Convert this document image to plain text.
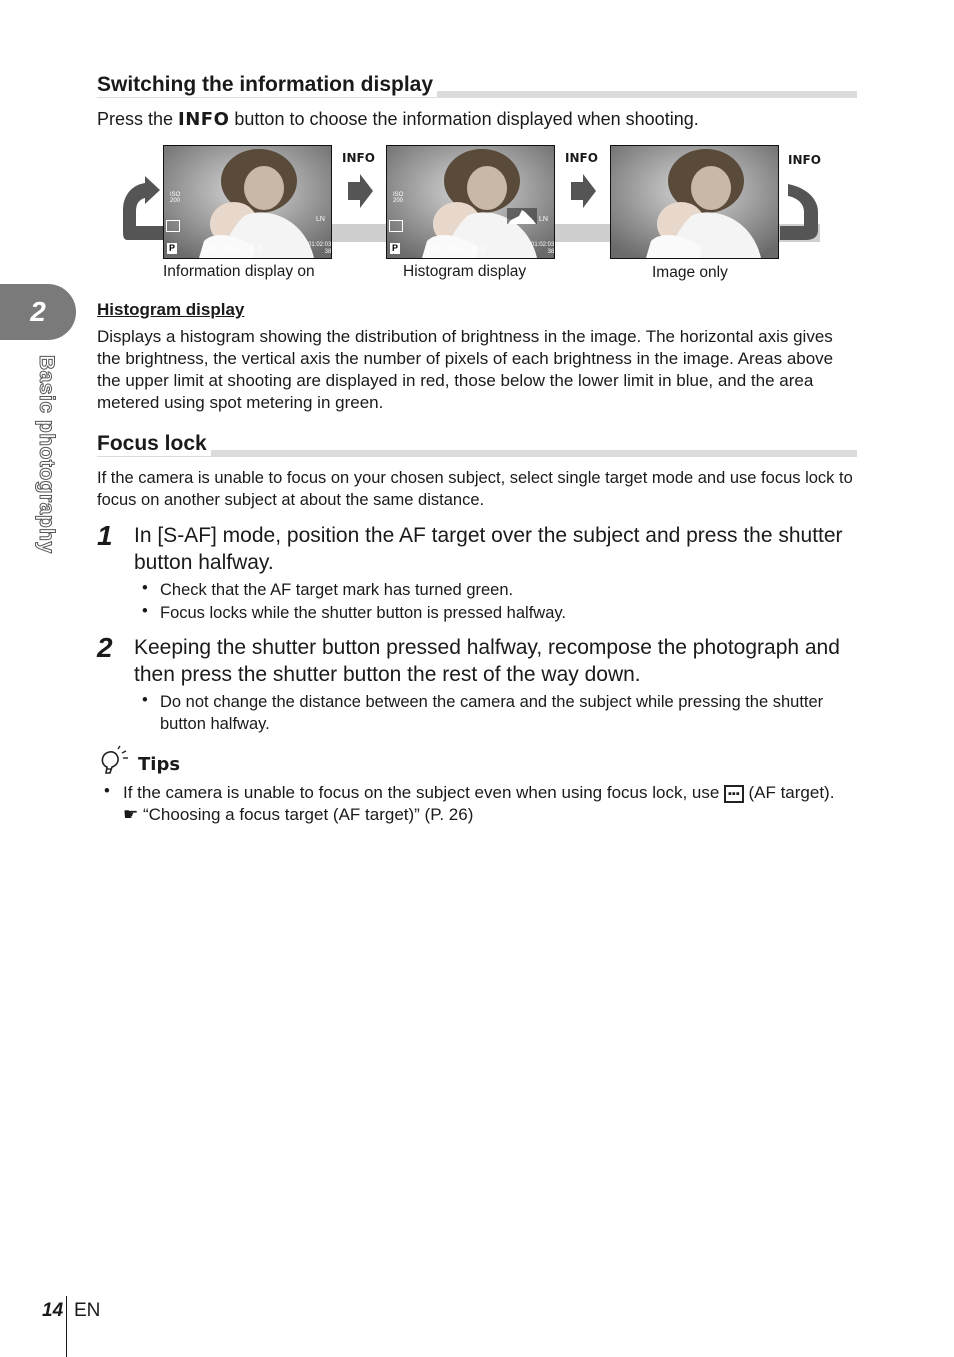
2
Basic photography
Switching the information display
Press the INFO button to choose the information displayed when shooting.
INFO	INFO	INFO
ISO
200
P	125 F5.6 0.0
LN
01:02:03
38
ISO
200
P	125 F5.6 0.0
LN
01:02:03
38
Information display on	Histogram display	Image only
Histogram display
Displays a histogram showing the distribution of brightness in the image. The horizontal axis gives the brightness, the vertical axis the number of pixels of each brightness in the image. Areas above the upper limit at shooting are displayed in red, those below the lower limit in blue, and the area metered using spot metering in green.
Focus lock
If the camera is unable to focus on your chosen subject, select single target mode and use focus lock to focus on another subject at about the same distance.
1 In [S-AF] mode, position the AF target over the subject and press the shutter button halfway.
• Check that the AF target mark has turned green.
• Focus locks while the shutter button is pressed halfway.
2 Keeping the shutter button pressed halfway, recompose the photograph and then press the shutter button the rest of the way down.
• Do not change the distance between the camera and the subject while pressing the shutter button halfway.
Tips
• If the camera is unable to focus on the subject even when using focus lock, use ▪▪▪ (AF target). ☛ “Choosing a focus target (AF target)” (P. 26)
14 EN
